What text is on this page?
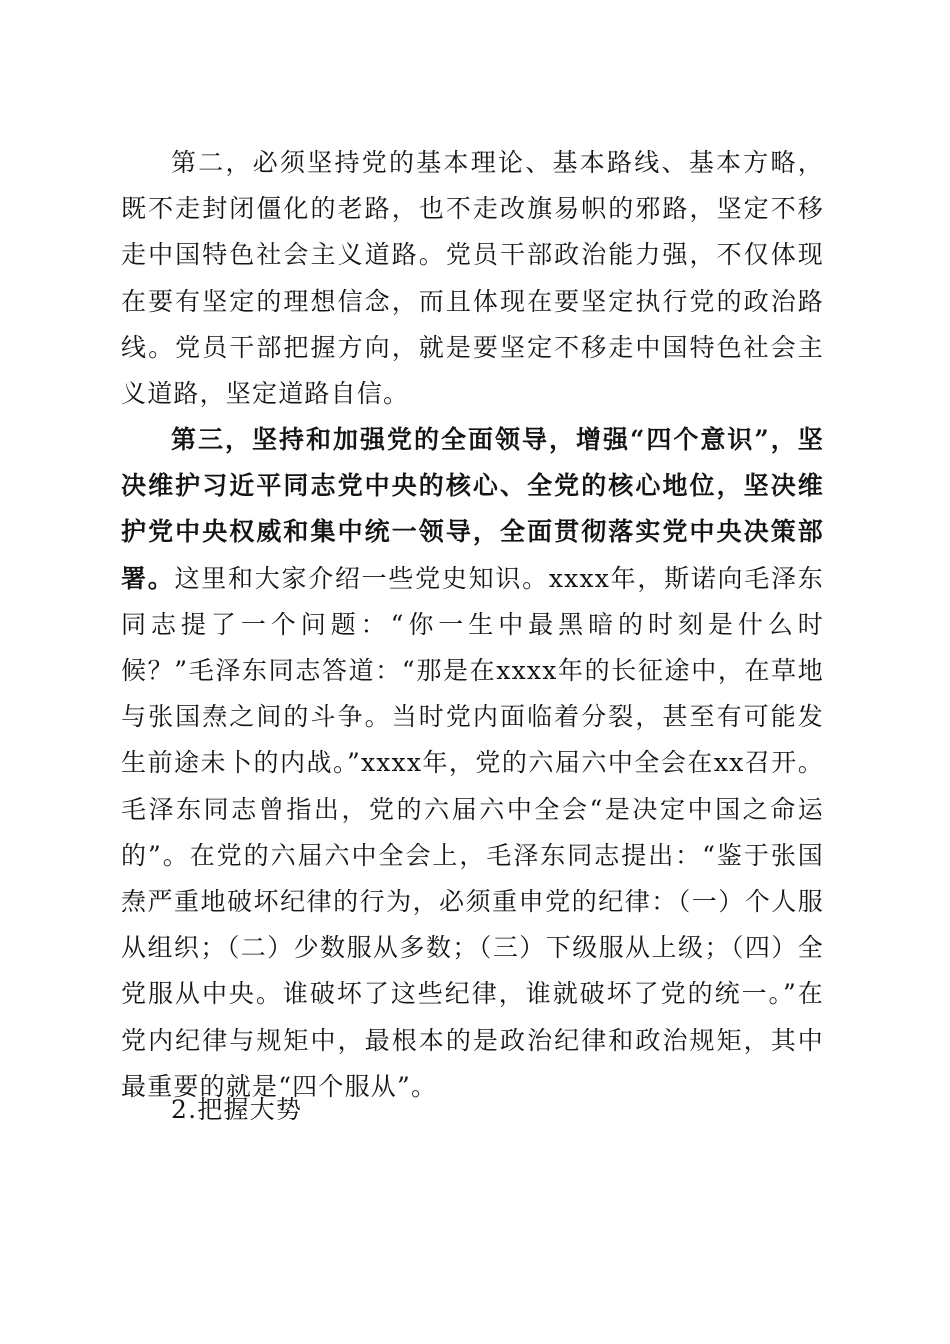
第二，必须坚持党的基本理论、基本路线、基本方略，既不走封闭僵化的老路，也不走改旗易帜的邪路，坚定不移走中国特色社会主义道路。党员干部政治能力强，不仅体现在要有坚定的理想信念，而且体现在要坚定执行党的政治路线。党员干部把握方向，就是要坚定不移走中国特色社会主义道路，坚定道路自信。

第三，坚持和加强党的全面领导，增强“四个意识”，坚决维护习近平同志党中央的核心、全党的核心地位，坚决维护党中央权威和集中统一领导，全面贯彻落实党中央决策部署。这里和大家介绍一些党史知识。xxxx年，斯诺向毛泽东同志提了一个问题：“你一生中最黑暗的时刻是什么时候？”毛泽东同志答道：“那是在xxxx年的长征途中，在草地与张国焘之间的斗争。当时党内面临着分裂，甚至有可能发生前途未卜的内战。”xxxx年，党的六届六中全会在xx召开。毛泽东同志曾指出，党的六届六中全会“是决定中国之命运的”。在党的六届六中全会上，毛泽东同志提出：“鉴于张国焘严重地破坏纪律的行为，必须重申党的纪律：（一）个人服从组织；（二）少数服从多数；（三）下级服从上级；（四）全党服从中央。谁破坏了这些纪律，谁就破坏了党的统一。”在党内纪律与规矩中，最根本的是政治纪律和政治规矩，其中最重要的就是“四个服从”。

2.把握大势
